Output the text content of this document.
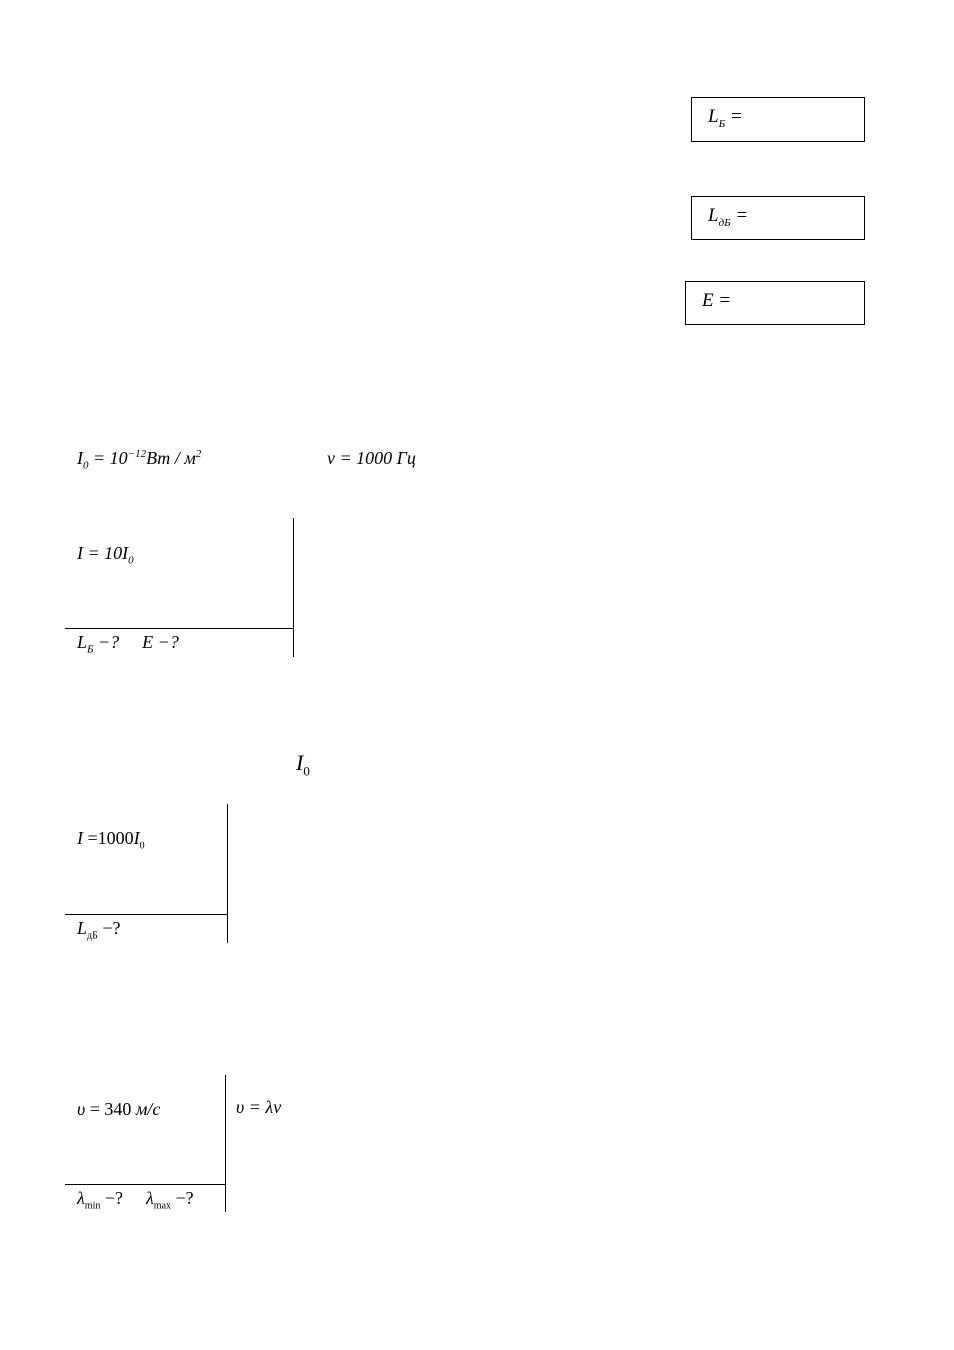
$L_Б$ =
$L_{дБ}$ =
E =
$I_0 = 10^{-12}Вт / м^2$	ν = 1000 Гц
$I = 10I_0$
$L_Б$ −? E −?
$I_0$
$I =1000I_0$
$L_{дБ}$ −?
υ = 340 м/с	υ = λν
$\lambda_{min}$ −? $\lambda_{max}$ −?
